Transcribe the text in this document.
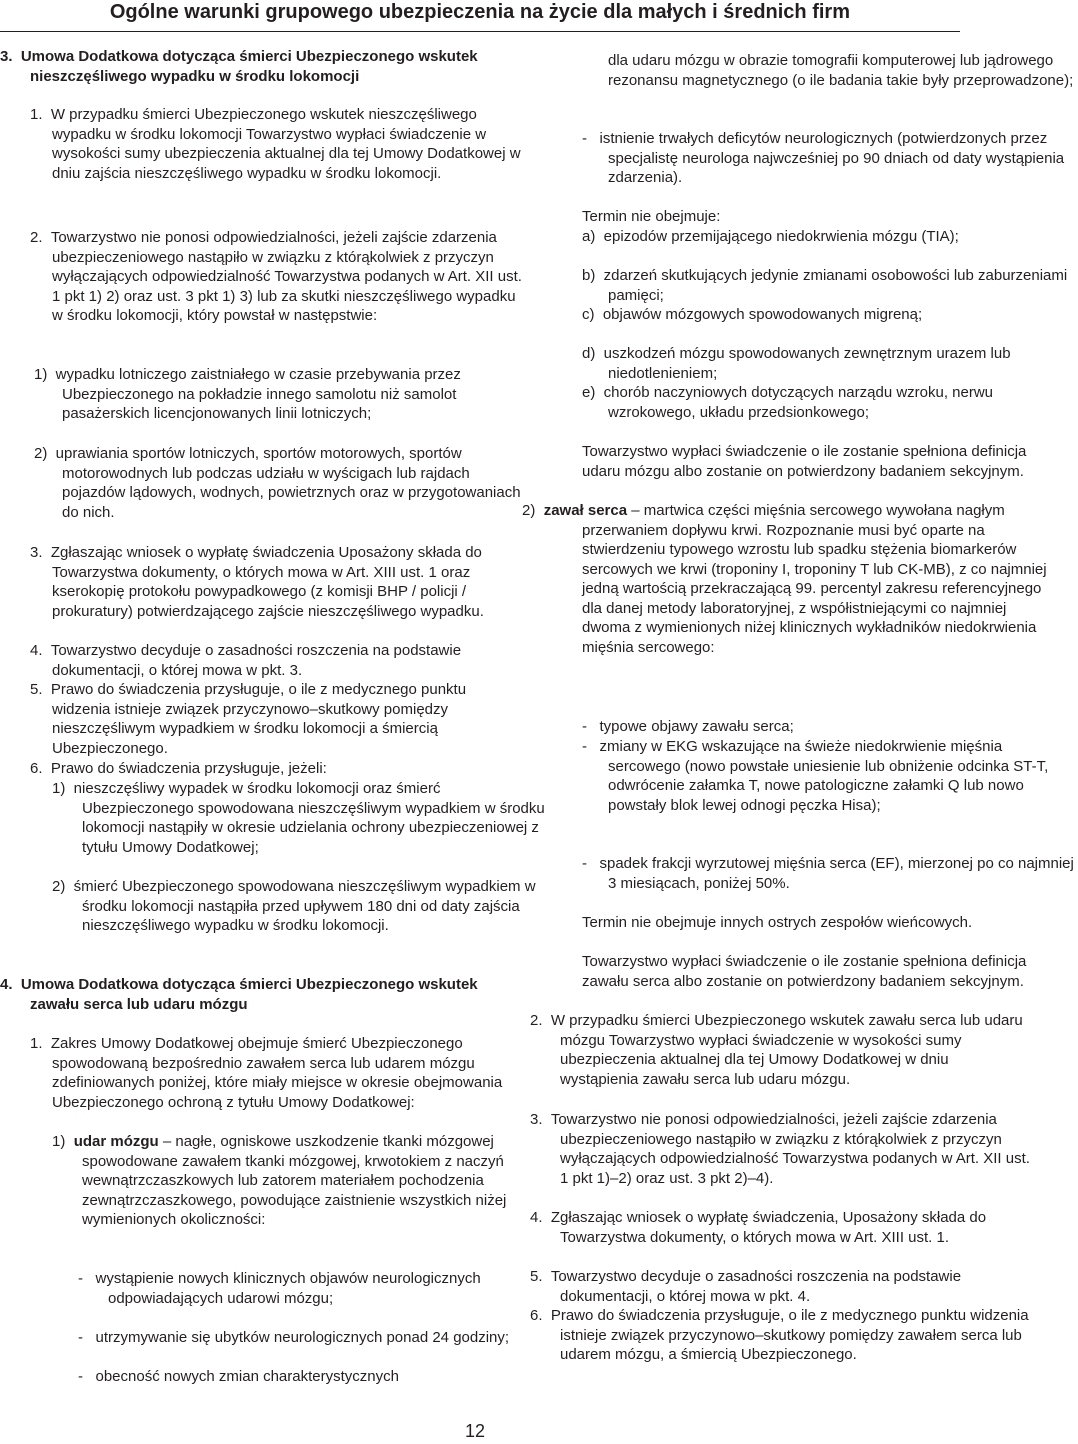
Ogólne warunki grupowego ubezpieczenia na życie dla małych i średnich firm
3.  Umowa Dodatkowa dotycząca śmierci Ubezpieczonego wskutek nieszczęśliwego wypadku w środku lokomocji
1.  W przypadku śmierci Ubezpieczonego wskutek nieszczęśliwego wypadku w środku lokomocji Towarzystwo wypłaci świadczenie w wysokości sumy ubezpieczenia aktualnej dla tej Umowy Dodatkowej w dniu zajścia nieszczęśliwego wypadku w środku lokomocji.
2.  Towarzystwo nie ponosi odpowiedzialności, jeżeli zajście zdarzenia ubezpieczeniowego nastąpiło w związku z którąkolwiek z przyczyn wyłączających odpowiedzialność Towarzystwa podanych w Art. XII ust. 1 pkt 1) 2) oraz ust. 3 pkt 1) 3) lub za skutki nieszczęśliwego wypadku w środku lokomocji, który powstał w następstwie:
1)  wypadku lotniczego zaistniałego w czasie przebywania przez Ubezpieczonego na pokładzie innego samolotu niż samolot pasażerskich licencjonowanych linii lotniczych;
2)  uprawiania sportów lotniczych, sportów motorowych, sportów motorowodnych lub podczas udziału w wyścigach lub rajdach pojazdów lądowych, wodnych, powietrznych oraz w przygotowaniach do nich.
3.  Zgłaszając wniosek o wypłatę świadczenia Uposażony składa do Towarzystwa dokumenty, o których mowa w Art. XIII ust. 1 oraz kserokopię protokołu powypadkowego (z komisji BHP / policji / prokuratury) potwierdzającego zajście nieszczęśliwego wypadku.
4.  Towarzystwo decyduje o zasadności roszczenia na podstawie dokumentacji, o której mowa w pkt. 3.
5.  Prawo do świadczenia przysługuje, o ile z medycznego punktu widzenia istnieje związek przyczynowo–skutkowy pomiędzy nieszczęśliwym wypadkiem w środku lokomocji a śmiercią Ubezpieczonego.
6.  Prawo do świadczenia przysługuje, jeżeli:
1)  nieszczęśliwy wypadek w środku lokomocji oraz śmierć Ubezpieczonego spowodowana nieszczęśliwym wypadkiem w środku lokomocji nastąpiły w okresie udzielania ochrony ubezpieczeniowej z tytułu Umowy Dodatkowej;
2)  śmierć Ubezpieczonego spowodowana nieszczęśliwym wypadkiem w środku lokomocji nastąpiła przed upływem 180 dni od daty zajścia nieszczęśliwego wypadku w środku lokomocji.
4.  Umowa Dodatkowa dotycząca śmierci Ubezpieczonego wskutek zawału serca lub udaru mózgu
1.  Zakres Umowy Dodatkowej obejmuje śmierć Ubezpieczonego spowodowaną bezpośrednio zawałem serca lub udarem mózgu zdefiniowanych poniżej, które miały miejsce w okresie obejmowania Ubezpieczonego ochroną z tytułu Umowy Dodatkowej:
1)  udar mózgu – nagłe, ogniskowe uszkodzenie tkanki mózgowej spowodowane zawałem tkanki mózgowej, krwotokiem z naczyń wewnątrzczaszkowych lub zatorem materiałem pochodzenia zewnątrzczaszkowego, powodujące zaistnienie wszystkich niżej wymienionych okoliczności:
-   wystąpienie nowych klinicznych objawów neurologicznych odpowiadających udarowi mózgu;
-   utrzymywanie się ubytków neurologicznych ponad 24 godziny;
-   obecność nowych zmian charakterystycznych
dla udaru mózgu w obrazie tomografii komputerowej lub jądrowego rezonansu magnetycznego (o ile badania takie były przeprowadzone);
-   istnienie trwałych deficytów neurologicznych (potwierdzonych przez specjalistę neurologa najwcześniej po 90 dniach od daty wystąpienia zdarzenia).
Termin nie obejmuje:
a)  epizodów przemijającego niedokrwienia mózgu (TIA);
b)  zdarzeń skutkujących jedynie zmianami osobowości lub zaburzeniami pamięci;
c)  objawów mózgowych spowodowanych migreną;
d)  uszkodzeń mózgu spowodowanych zewnętrznym urazem lub niedotlenieniem;
e)  chorób naczyniowych dotyczących narządu wzroku, nerwu wzrokowego, układu przedsionkowego;
Towarzystwo wypłaci świadczenie o ile zostanie spełniona definicja udaru mózgu albo zostanie on potwierdzony badaniem sekcyjnym.
2)  zawał serca – martwica części mięśnia sercowego wywołana nagłym przerwaniem dopływu krwi. Rozpoznanie musi być oparte na stwierdzeniu typowego wzrostu lub spadku stężenia biomarkerów sercowych we krwi (troponiny I, troponiny T lub CK-MB), z co najmniej jedną wartością przekraczającą 99. percentyl zakresu referencyjnego dla danej metody laboratoryjnej, z współistniejącymi co najmniej dwoma z wymienionych niżej klinicznych wykładników niedokrwienia mięśnia sercowego:
-   typowe objawy zawału serca;
-   zmiany w EKG wskazujące na świeże niedokrwienie mięśnia sercowego (nowo powstałe uniesienie lub obniżenie odcinka ST-T, odwrócenie załamka T, nowe patologiczne załamki Q lub nowo powstały blok lewej odnogi pęczka Hisa);
-   spadek frakcji wyrzutowej mięśnia serca (EF), mierzonej po co najmniej 3 miesiącach, poniżej 50%.
Termin nie obejmuje innych ostrych zespołów wieńcowych.
Towarzystwo wypłaci świadczenie o ile zostanie spełniona definicja zawału serca albo zostanie on potwierdzony badaniem sekcyjnym.
2.  W przypadku śmierci Ubezpieczonego wskutek zawału serca lub udaru mózgu Towarzystwo wypłaci świadczenie w wysokości sumy ubezpieczenia aktualnej dla tej Umowy Dodatkowej w dniu wystąpienia zawału serca lub udaru mózgu.
3.  Towarzystwo nie ponosi odpowiedzialności, jeżeli zajście zdarzenia ubezpieczeniowego nastąpiło w związku z którąkolwiek z przyczyn wyłączających odpowiedzialność Towarzystwa podanych w Art. XII ust. 1 pkt 1)–2) oraz ust. 3 pkt 2)–4).
4.  Zgłaszając wniosek o wypłatę świadczenia, Uposażony składa do Towarzystwa dokumenty, o których mowa w Art. XIII ust. 1.
5.  Towarzystwo decyduje o zasadności roszczenia na podstawie dokumentacji, o której mowa w pkt. 4.
6.  Prawo do świadczenia przysługuje, o ile z medycznego punktu widzenia istnieje związek przyczynowo–skutkowy pomiędzy zawałem serca lub udarem mózgu, a śmiercią Ubezpieczonego.
12
